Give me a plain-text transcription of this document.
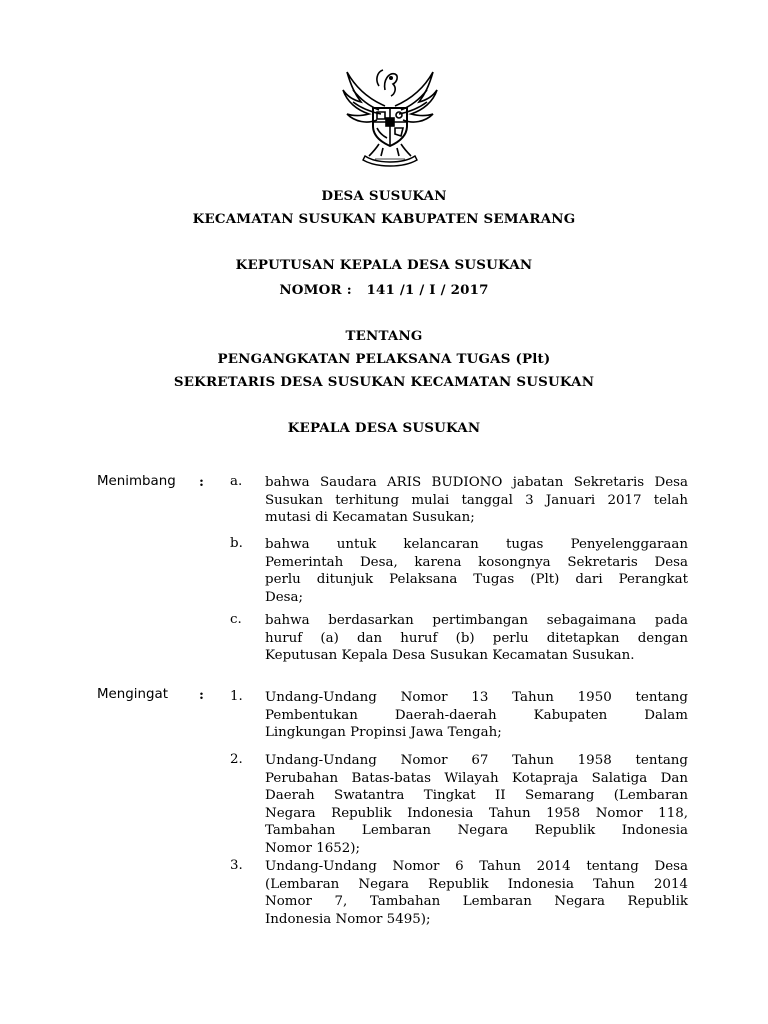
DESA SUSUKAN
KECAMATAN SUSUKAN KABUPATEN SEMARANG
KEPUTUSAN KEPALA DESA SUSUKAN
NOMOR :   141 /1 / I / 2017
TENTANG
PENGANGKATAN PELAKSANA TUGAS (Plt)
SEKRETARIS DESA SUSUKAN KECAMATAN SUSUKAN
KEPALA DESA SUSUKAN
Menimbang : a. bahwa Saudara ARIS BUDIONO jabatan Sekretaris Desa
Susukan terhitung mulai tanggal 3 Januari 2017 telah
mutasi di Kecamatan Susukan;
b. bahwa untuk kelancaran tugas Penyelenggaraan
Pemerintah Desa, karena kosongnya Sekretaris Desa
perlu ditunjuk Pelaksana Tugas (Plt) dari Perangkat
Desa;
c. bahwa berdasarkan pertimbangan sebagaimana pada
huruf (a) dan huruf (b) perlu ditetapkan dengan
Keputusan Kepala Desa Susukan Kecamatan Susukan.
Mengingat : 1. Undang-Undang Nomor 13 Tahun 1950 tentang
Pembentukan Daerah-daerah Kabupaten Dalam
Lingkungan Propinsi Jawa Tengah;
2. Undang-Undang Nomor 67 Tahun 1958 tentang
Perubahan Batas-batas Wilayah Kotapraja Salatiga Dan
Daerah Swatantra Tingkat II Semarang (Lembaran
Negara Republik Indonesia Tahun 1958 Nomor 118,
Tambahan Lembaran Negara Republik Indonesia
Nomor 1652);
3. Undang-Undang Nomor 6 Tahun 2014 tentang Desa
(Lembaran Negara Republik Indonesia Tahun 2014
Nomor 7, Tambahan Lembaran Negara Republik
Indonesia Nomor 5495);
